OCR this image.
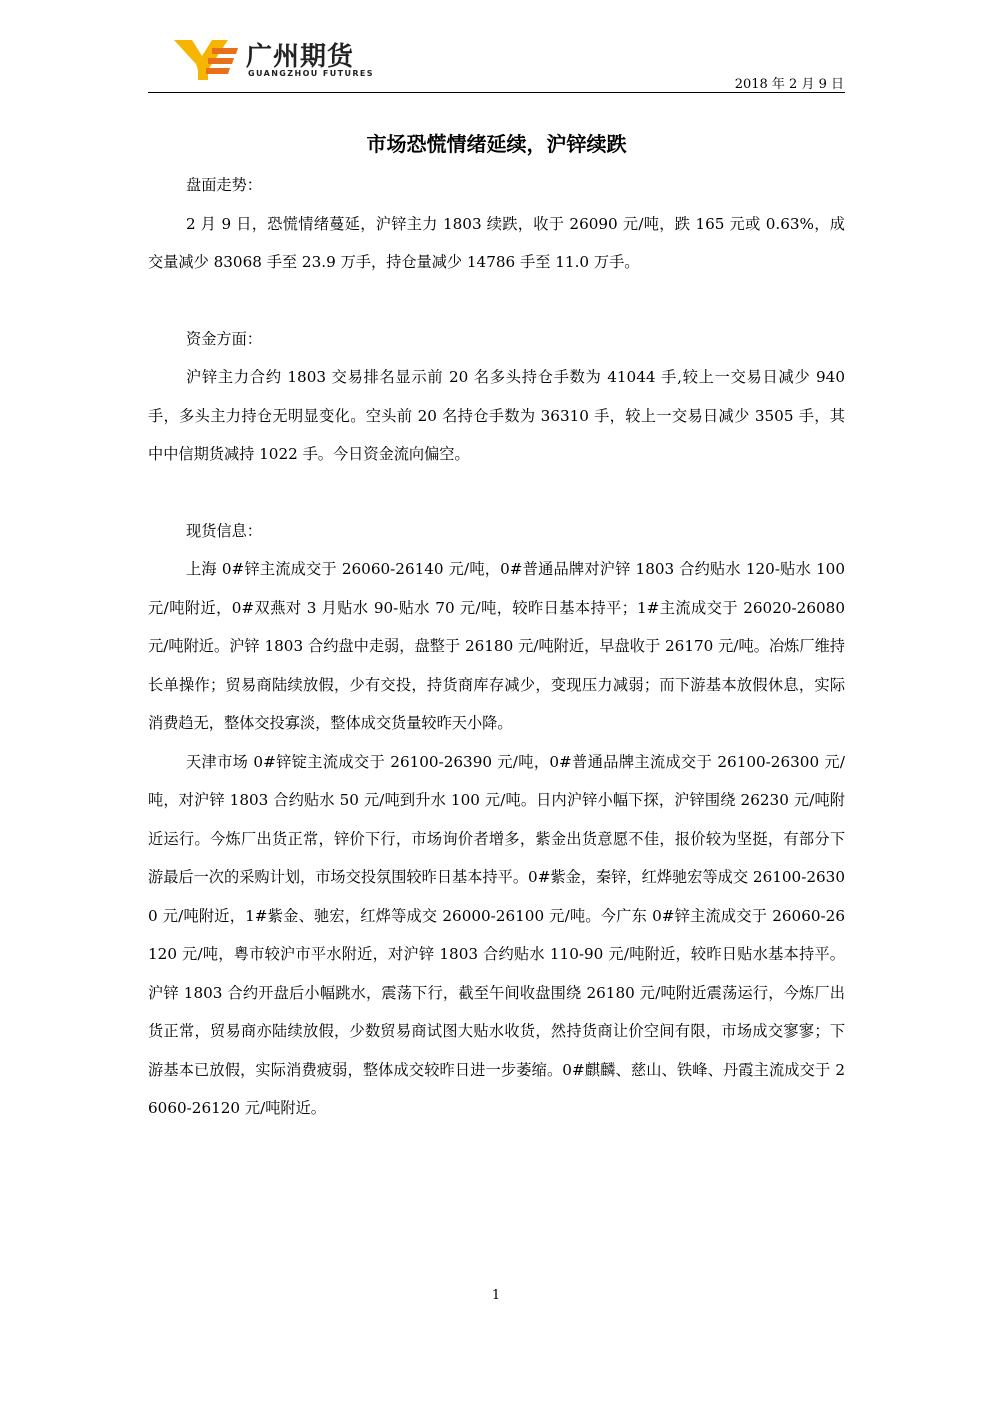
广州期货
GUANGZHOU FUTURES
2018 年 2 月 9 日
市场恐慌情绪延续，沪锌续跌

盘面走势：

2 月 9 日，恐慌情绪蔓延，沪锌主力 1803 续跌，收于 26090 元/吨，跌 165 元或 0.63%，成交量减少 83068 手至 23.9 万手，持仓量减少 14786 手至 11.0 万手。

资金方面：

沪锌主力合约 1803 交易排名显示前 20 名多头持仓手数为 41044 手,较上一交易日减少 940 手，多头主力持仓无明显变化。空头前 20 名持仓手数为 36310 手，较上一交易日减少 3505 手，其中中信期货减持 1022 手。今日资金流向偏空。

现货信息：

上海 0#锌主流成交于 26060-26140 元/吨，0#普通品牌对沪锌 1803 合约贴水 120-贴水 100 元/吨附近，0#双燕对 3 月贴水 90-贴水 70 元/吨，较昨日基本持平；1#主流成交于 26020-26080 元/吨附近。沪锌 1803 合约盘中走弱，盘整于 26180 元/吨附近，早盘收于 26170 元/吨。冶炼厂维持长单操作；贸易商陆续放假，少有交投，持货商库存减少，变现压力减弱；而下游基本放假休息，实际消费趋无，整体交投寡淡，整体成交货量较昨天小降。

天津市场 0#锌锭主流成交于 26100-26390 元/吨，0#普通品牌主流成交于 26100-26300 元/吨，对沪锌 1803 合约贴水 50 元/吨到升水 100 元/吨。日内沪锌小幅下探，沪锌围绕 26230 元/吨附近运行。今炼厂出货正常，锌价下行，市场询价者增多，紫金出货意愿不佳，报价较为坚挺，有部分下游最后一次的采购计划，市场交投氛围较昨日基本持平。0#紫金，秦锌，红烨驰宏等成交 26100-26300 元/吨附近，1#紫金、驰宏，红烨等成交 26000-26100 元/吨。今广东 0#锌主流成交于 26060-26120 元/吨，粤市较沪市平水附近，对沪锌 1803 合约贴水 110-90 元/吨附近，较昨日贴水基本持平。沪锌 1803 合约开盘后小幅跳水，震荡下行，截至午间收盘围绕 26180 元/吨附近震荡运行，今炼厂出货正常，贸易商亦陆续放假，少数贸易商试图大贴水收货，然持货商让价空间有限，市场成交寥寥；下游基本已放假，实际消费疲弱，整体成交较昨日进一步萎缩。0#麒麟、慈山、铁峰、丹霞主流成交于 26060-26120 元/吨附近。

1
